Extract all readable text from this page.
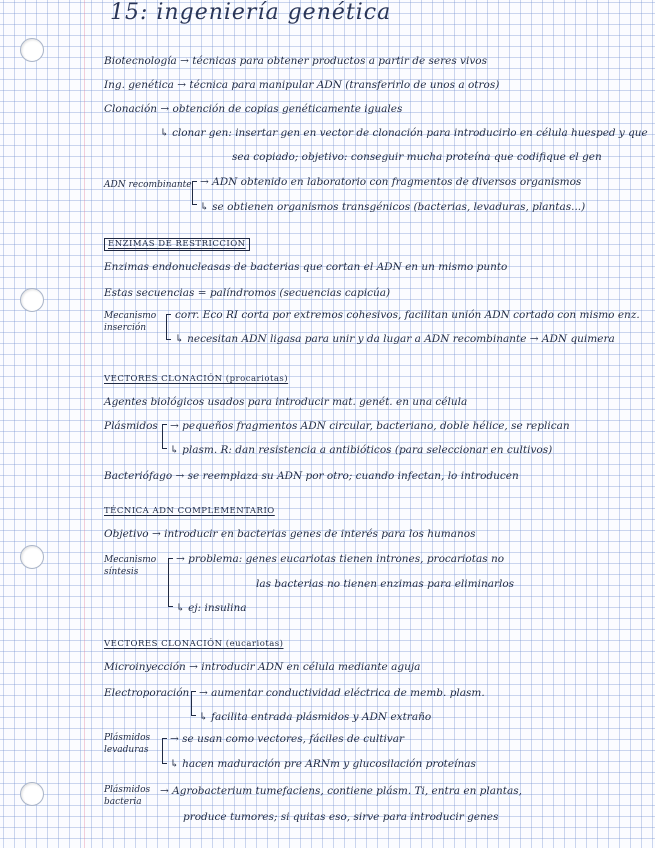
15: ingeniería genética
Biotecnología → técnicas para obtener productos a partir de seres vivos
Ing. genética → técnica para manipular ADN (transferirlo de unos a otros)
Clonación → obtención de copias genéticamente iguales
↳ clonar gen: insertar gen en vector de clonación para introducirlo en célula huesped y que
sea copiado; objetivo: conseguir mucha proteína que codifique el gen
ADN recombinante → ADN obtenido en laboratorio con fragmentos de diversos organismos
↳ se obtienen organismos transgénicos (bacterias, levaduras, plantas...)
ENZIMAS DE RESTRICCIÓN
Enzimas endonucleasas de bacterias que cortan el ADN en un mismo punto
Estas secuencias = palíndromos (secuencias capicúa)
Mecanismo
inserción
corr. Eco RI corta por extremos cohesivos, facilitan unión ADN cortado con mismo enz.
↳ necesitan ADN ligasa para unir y da lugar a ADN recombinante → ADN quimera
VECTORES CLONACIÓN (procariotas)
Agentes biológicos usados para introducir mat. genét. en una célula
Plásmidos → pequeños fragmentos ADN circular, bacteriano, doble hélice, se replican
↳ plasm. R: dan resistencia a antibióticos (para seleccionar en cultivos)
Bacteriófago → se reemplaza su ADN por otro; cuando infectan, lo introducen
TÉCNICA ADN COMPLEMENTARIO
Objetivo → introducir en bacterias genes de interés para los humanos
Mecanismo
síntesis
→ problema: genes eucariotas tienen intrones, procariotas no
las bacterias no tienen enzimas para eliminarlos
↳ ej: insulina
VECTORES CLONACIÓN (eucariotas)
Microinyección → introducir ADN en célula mediante aguja
Electroporación → aumentar conductividad eléctrica de memb. plasm.
↳ facilita entrada plásmidos y ADN extraño
Plásmidos
levaduras
→ se usan como vectores, fáciles de cultivar
↳ hacen maduración pre ARNm y glucosilación proteínas
Plásmidos
bacteria
→ Agrobacterium tumefaciens, contiene plásm. Ti, entra en plantas,
produce tumores; si quitas eso, sirve para introducir genes
